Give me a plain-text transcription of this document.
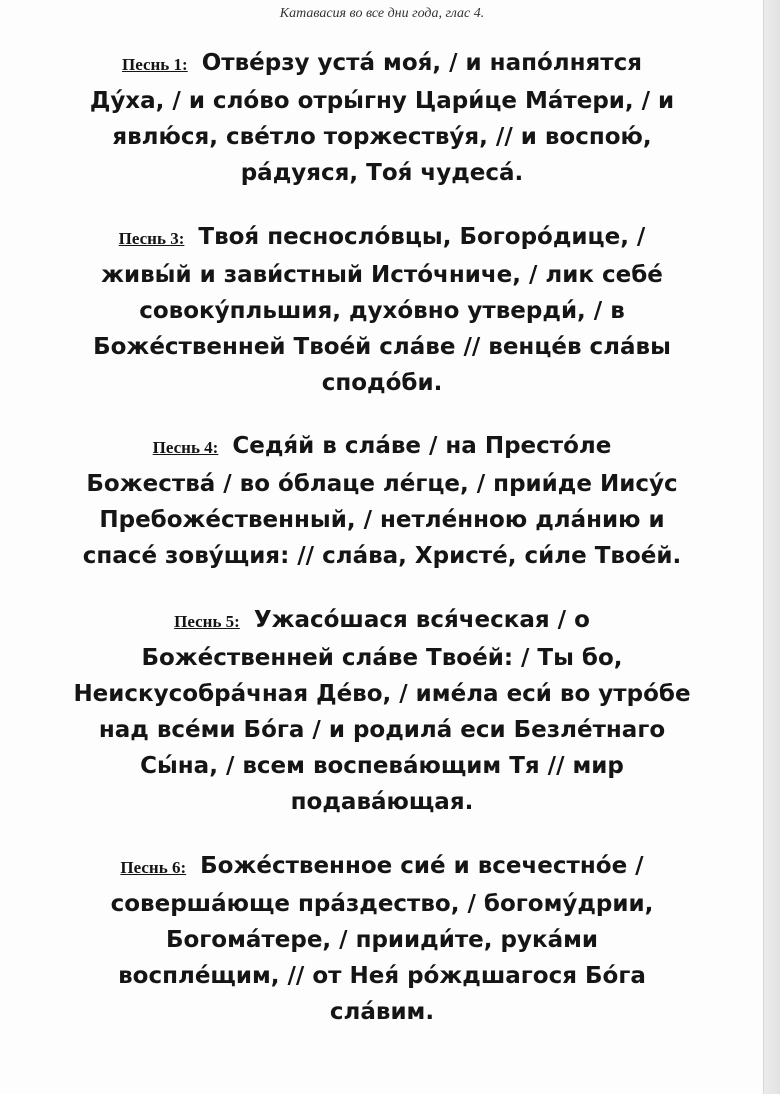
Катавасия во все дни года, глас 4.
Песнь 1: Отве́рзу уста́ моя́, / и напо́лнятся
Ду́ха, / и сло́во отры́гну Цари́це Ма́тери, / и
явлю́ся, све́тло торжеству́я, // и воспою́,
ра́дуяся, Тоя́ чудеса́.
Песнь 3: Твоя́ песносло́вцы, Богоро́дице, /
живы́й и зави́стный Исто́чниче, / лик себе́
совоку́пльшия, духо́вно утверди́, / в
Боже́ственней Твое́й сла́ве // венце́в сла́вы
сподо́би.
Песнь 4: Седя́й в сла́ве / на Престо́ле
Божества́ / во о́блаце ле́гце, / прии́де Иису́с
Пребоже́ственный, / нетле́нною дла́нию и
спасе́ зову́щия: // сла́ва, Христе́, си́ле Твое́й.
Песнь 5: Ужасо́шася вся́ческая / о
Боже́ственней сла́ве Твое́й: / Ты бо,
Неискусобра́чная Де́во, / име́ла еси́ во утро́бе
над все́ми Бо́га / и родила́ еси Безле́тнаго
Сы́на, / всем воспева́ющим Тя // мир
подава́ющая.
Песнь 6: Боже́ственное сие́ и всечестно́е /
соверша́юще пра́здество, / богому́дрии,
Богома́тере, / прииди́те, рука́ми
воспле́щим, // от Нея́ ро́ждшагося Бо́га
сла́вим.
